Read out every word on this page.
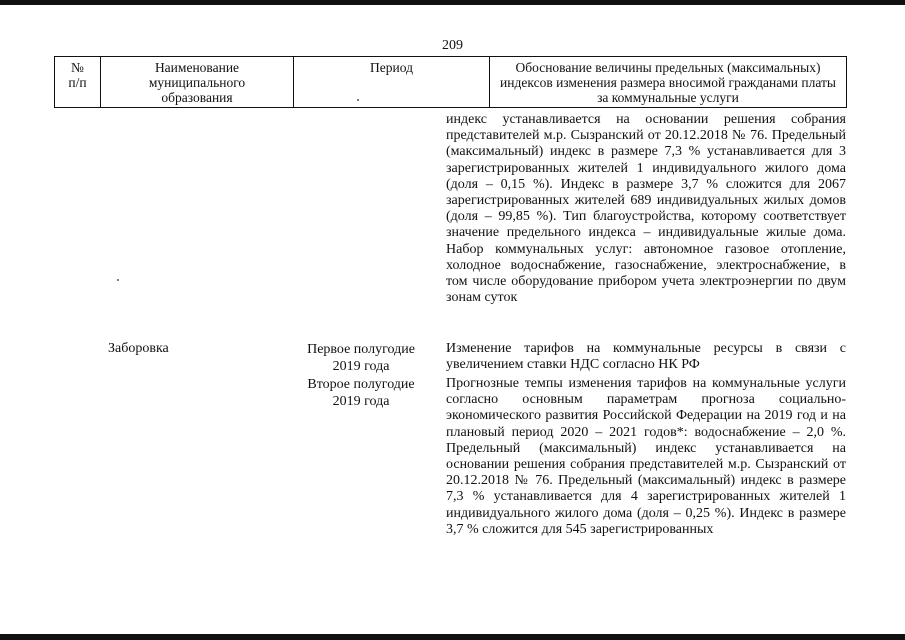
209
№
п/п
Наименование
муниципального
образования
Период	Обоснование величины предельных (максимальных)
индексов изменения размера вносимой гражданами платы
за коммунальные услуги
индекс устанавливается на основании решения собрания представителей м.р. Сызранский от 20.12.2018 № 76. Предельный (максимальный) индекс в размере 7,3 % устанавливается для 3 зарегистрированных жителей 1 индивидуального жилого дома (доля – 0,15 %). Индекс в размере 3,7 % сложится для 2067 зарегистрированных жителей 689 индивидуальных жилых домов (доля – 99,85 %). Тип благоустройства, которому соответствует значение предельного индекса – индивидуальные жилые дома. Набор коммунальных услуг: автономное газовое отопление, холодное водоснабжение, газоснабжение, электроснабжение, в том числе оборудование прибором учета электроэнергии по двум зонам суток
Заборовка	Первое полугодие 2019 года
Изменение тарифов на коммунальные ресурсы в связи с увеличением ставки НДС согласно НК РФ
Второе полугодие 2019 года
Прогнозные темпы изменения тарифов на коммунальные услуги согласно основным параметрам прогноза социально-экономического развития Российской Федерации на 2019 год и на плановый период 2020 – 2021 годов*: водоснабжение – 2,0 %. Предельный (максимальный) индекс устанавливается на основании решения собрания представителей м.р. Сызранский от 20.12.2018 № 76. Предельный (максимальный) индекс в размере 7,3 % устанавливается для 4 зарегистрированных жителей 1 индивидуального жилого дома (доля – 0,25 %). Индекс в размере 3,7 % сложится для 545 зарегистрированных
